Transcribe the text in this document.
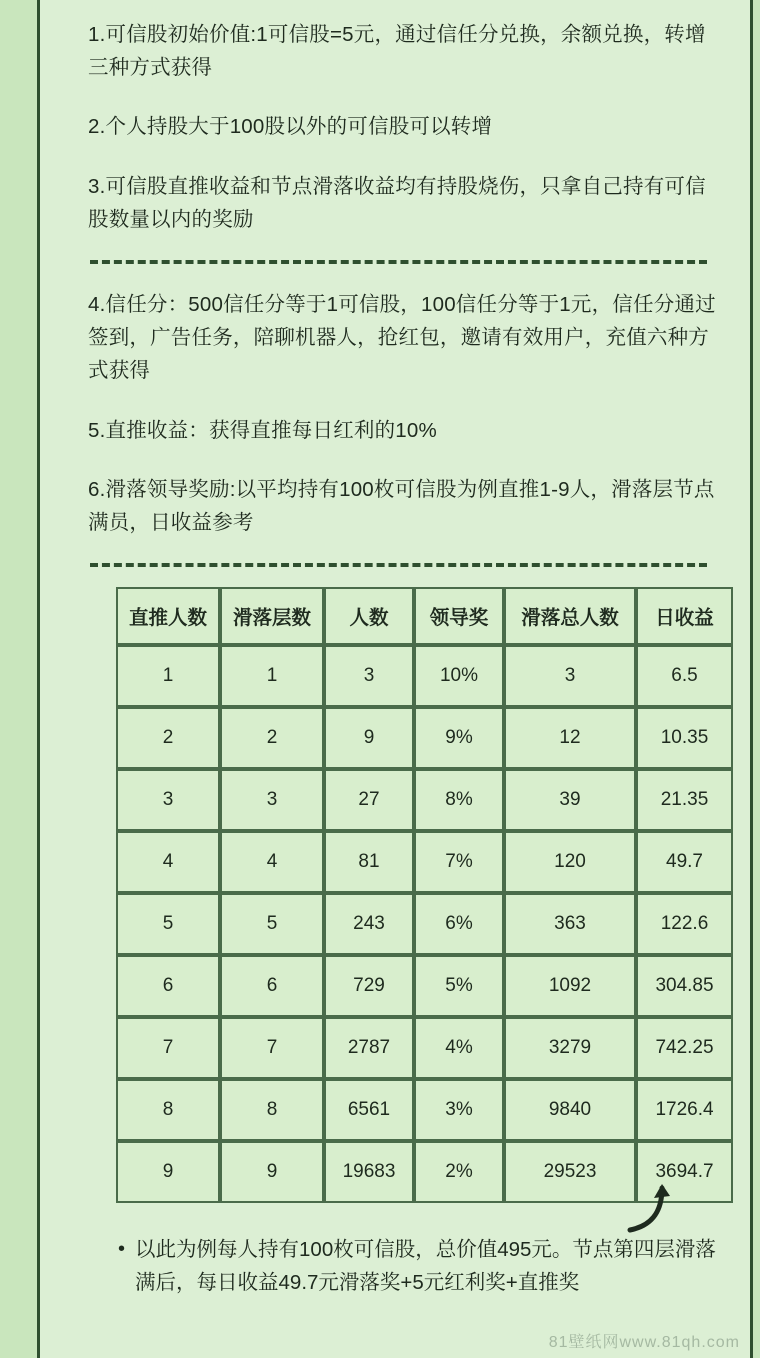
1.可信股初始价值:1可信股=5元，通过信任分兑换，余额兑换，转增三种方式获得

2.个人持股大于100股以外的可信股可以转增

3.可信股直推收益和节点滑落收益均有持股烧伤，只拿自己持有可信股数量以内的奖励

4.信任分：500信任分等于1可信股，100信任分等于1元，信任分通过签到，广告任务，陪聊机器人，抢红包，邀请有效用户，充值六种方式获得

5.直推收益：获得直推每日红利的10%

6.滑落领导奖励:以平均持有100枚可信股为例直推1-9人，滑落层节点满员，日收益参考

直推人数	滑落层数	人数	领导奖	滑落总人数	日收益
1	1	3	10%	3	6.5
2	2	9	9%	12	10.35
3	3	27	8%	39	21.35
4	4	81	7%	120	49.7
5	5	243	6%	363	122.6
6	6	729	5%	1092	304.85
7	7	2787	4%	3279	742.25
8	8	6561	3%	9840	1726.4
9	9	19683	2%	29523	3694.7
• 以此为例每人持有100枚可信股，总价值495元。节点第四层滑落满后，每日收益49.7元滑落奖+5元红利奖+直推奖
81壁纸网www.81qh.com
